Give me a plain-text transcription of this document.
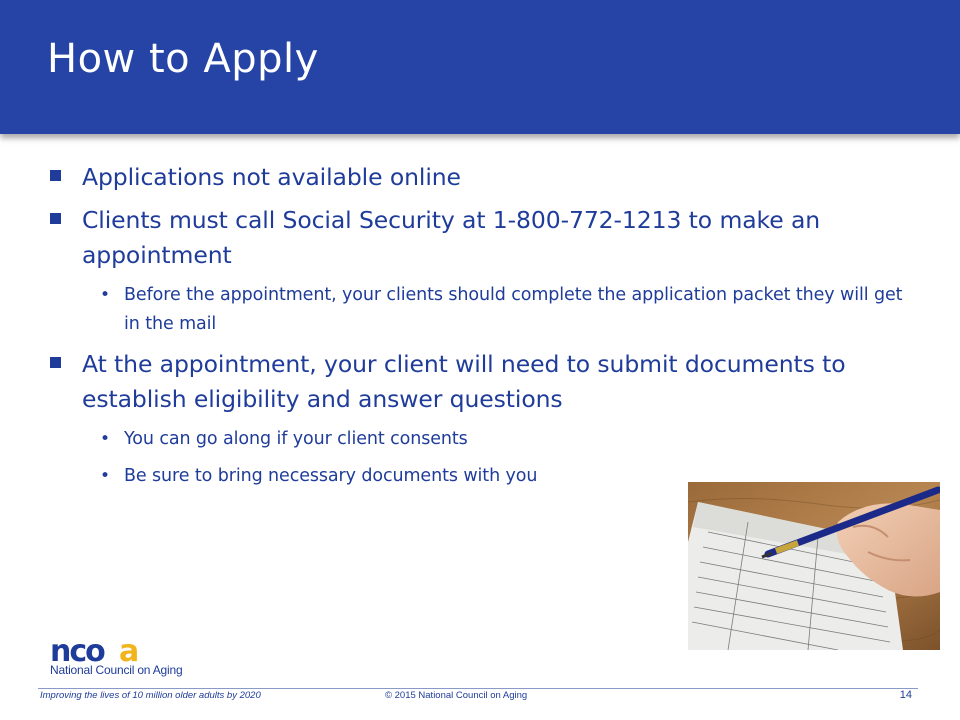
How to Apply

Applications not available online

Clients must call Social Security at 1-800-772-1213 to make an appointment

• Before the appointment, your clients should complete the application packet they will get in the mail

At the appointment, your client will need to submit documents to establish eligibility and answer questions

• You can go along if your client consents

• Be sure to bring necessary documents with you

nco a
National Council on Aging
Improving the lives of 10 million older adults by 2020	© 2015 National Council on Aging	14
